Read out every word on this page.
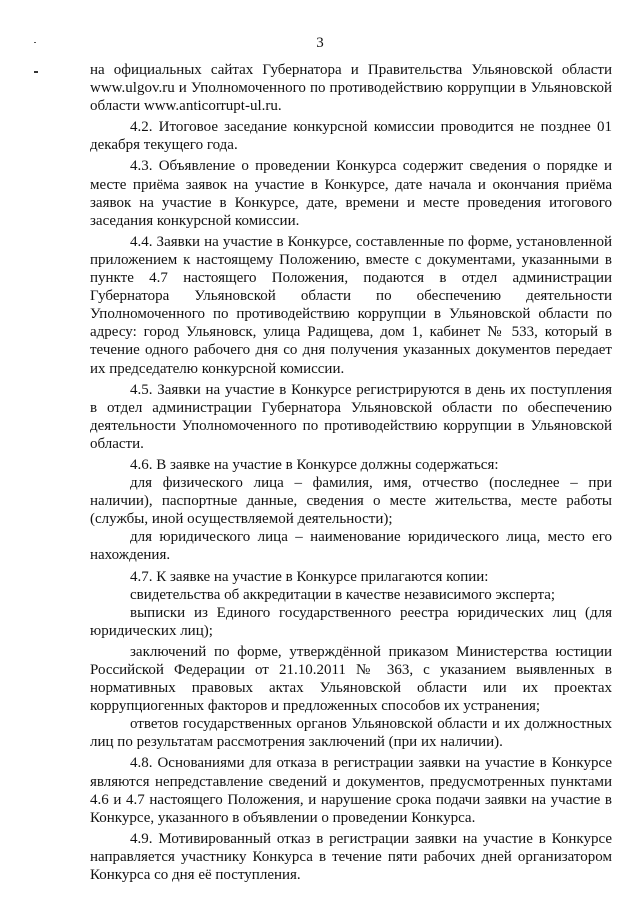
3

на официальных сайтах Губернатора и Правительства Ульяновской области www.ulgov.ru и Уполномоченного по противодействию коррупции в Ульяновской области www.anticorrupt-ul.ru.

4.2. Итоговое заседание конкурсной комиссии проводится не позднее 01 декабря текущего года.

4.3. Объявление о проведении Конкурса содержит сведения о порядке и месте приёма заявок на участие в Конкурсе, дате начала и окончания приёма заявок на участие в Конкурсе, дате, времени и месте проведения итогового заседания конкурсной комиссии.

4.4. Заявки на участие в Конкурсе, составленные по форме, установленной приложением к настоящему Положению, вместе с документами, указанными в пункте 4.7 настоящего Положения, подаются в отдел администрации Губернатора Ульяновской области по обеспечению деятельности Уполномоченного по противодействию коррупции в Ульяновской области по адресу: город Ульяновск, улица Радищева, дом 1, кабинет № 533, который в течение одного рабочего дня со дня получения указанных документов передает их председателю конкурсной комиссии.

4.5. Заявки на участие в Конкурсе регистрируются в день их поступления в отдел администрации Губернатора Ульяновской области по обеспечению деятельности Уполномоченного по противодействию коррупции в Ульяновской области.

4.6. В заявке на участие в Конкурсе должны содержаться:

для физического лица – фамилия, имя, отчество (последнее – при наличии), паспортные данные, сведения о месте жительства, месте работы (службы, иной осуществляемой деятельности);

для юридического лица – наименование юридического лица, место его нахождения.

4.7. К заявке на участие в Конкурсе прилагаются копии:

свидетельства об аккредитации в качестве независимого эксперта;

выписки из Единого государственного реестра юридических лиц (для юридических лиц);

заключений по форме, утверждённой приказом Министерства юстиции Российской Федерации от 21.10.2011 № 363, с указанием выявленных в нормативных правовых актах Ульяновской области или их проектах коррупциогенных факторов и предложенных способов их устранения;

ответов государственных органов Ульяновской области и их должностных лиц по результатам рассмотрения заключений (при их наличии).

4.8. Основаниями для отказа в регистрации заявки на участие в Конкурсе являются непредставление сведений и документов, предусмотренных пунктами 4.6 и 4.7 настоящего Положения, и нарушение срока подачи заявки на участие в Конкурсе, указанного в объявлении о проведении Конкурса.

4.9. Мотивированный отказ в регистрации заявки на участие в Конкурсе направляется участнику Конкурса в течение пяти рабочих дней организатором Конкурса со дня её поступления.
